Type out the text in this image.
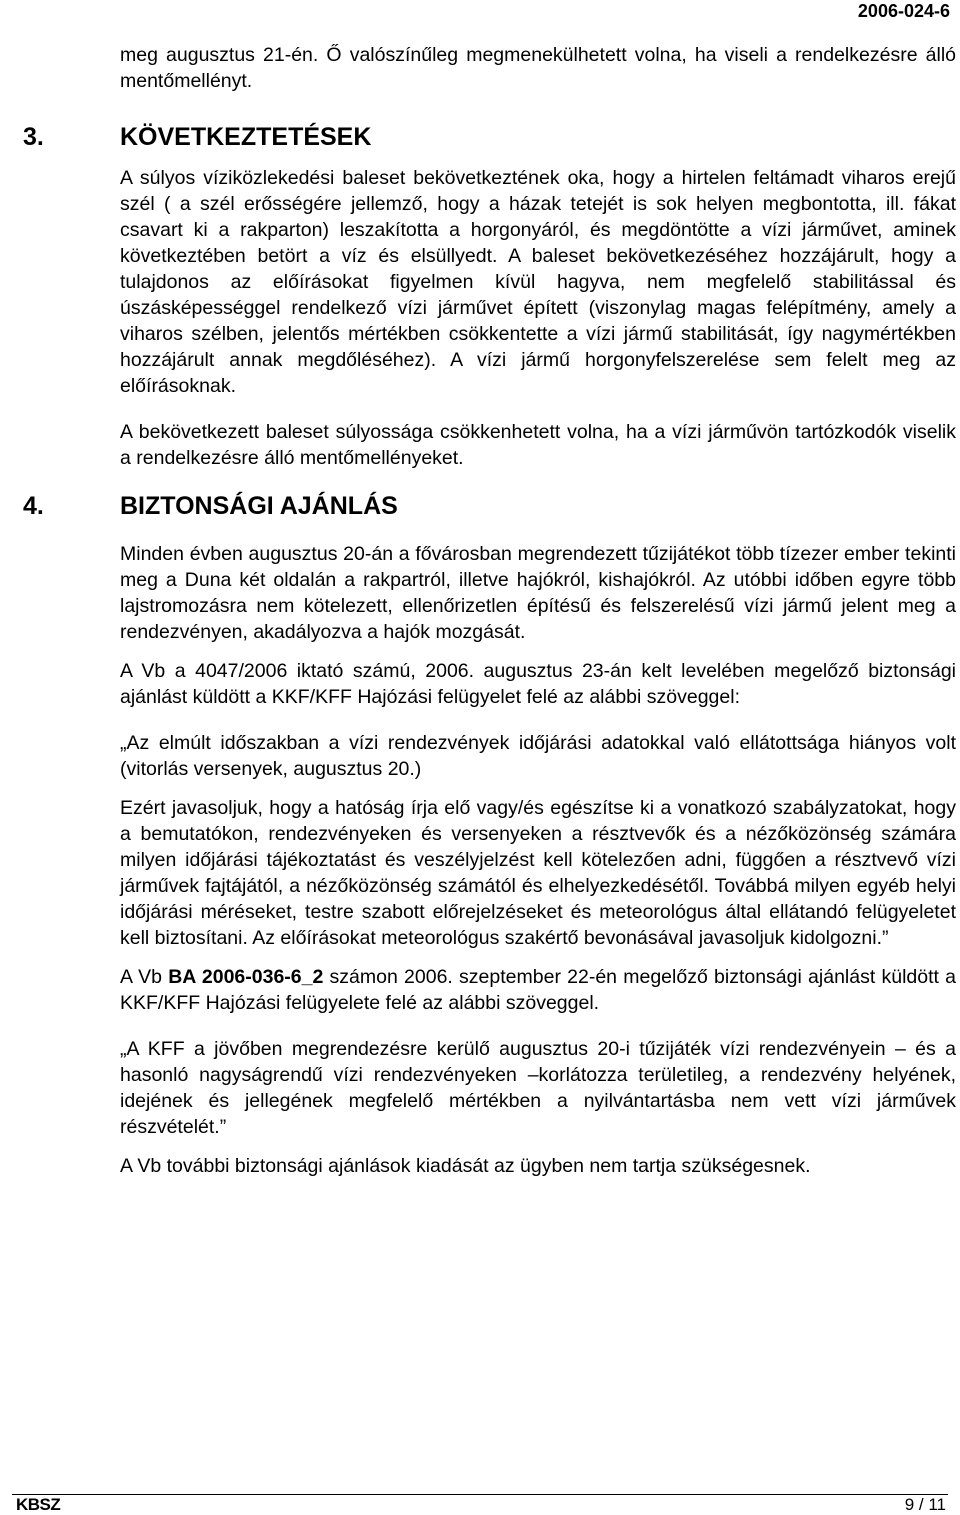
2006-024-6

meg augusztus 21-én. Ő valószínűleg megmenekülhetett volna, ha viseli a rendelkezésre álló mentőmellényt.

3.	KÖVETKEZTETÉSEK

A súlyos víziközlekedési baleset bekövetkeztének oka, hogy a hirtelen feltámadt viharos erejű szél ( a szél erősségére jellemző, hogy a házak tetejét is sok helyen megbontotta, ill. fákat csavart ki a rakparton) leszakította a horgonyáról, és megdöntötte a vízi járművet, aminek következtében betört a víz és elsüllyedt. A baleset bekövetkezéséhez hozzájárult, hogy a tulajdonos az előírásokat figyelmen kívül hagyva, nem megfelelő stabilitással és úszásképességgel rendelkező vízi járművet épített (viszonylag magas felépítmény, amely a viharos szélben, jelentős mértékben csökkentette a vízi jármű stabilitását, így nagymértékben hozzájárult annak megdőléséhez). A vízi jármű horgonyfelszerelése sem felelt meg az előírásoknak.

A bekövetkezett baleset súlyossága csökkenhetett volna, ha a vízi járművön tartózkodók viselik a rendelkezésre álló mentőmellényeket.

4.	BIZTONSÁGI AJÁNLÁS

Minden évben augusztus 20-án a fővárosban megrendezett tűzijátékot több tízezer ember tekinti meg a Duna két oldalán a rakpartról, illetve hajókról, kishajókról. Az utóbbi időben egyre több lajstromozásra nem kötelezett, ellenőrizetlen építésű és felszerelésű vízi jármű jelent meg a rendezvényen, akadályozva a hajók mozgását.

A Vb a 4047/2006 iktató számú, 2006. augusztus 23-án kelt levelében megelőző biztonsági ajánlást küldött a KKF/KFF Hajózási felügyelet felé az alábbi szöveggel:

„Az elmúlt időszakban a vízi rendezvények időjárási adatokkal való ellátottsága hiányos volt (vitorlás versenyek, augusztus 20.)

Ezért javasoljuk, hogy a hatóság írja elő vagy/és egészítse ki a vonatkozó szabályzatokat, hogy a bemutatókon, rendezvényeken és versenyeken a résztvevők és a nézőközönség számára milyen időjárási tájékoztatást és veszélyjelzést kell kötelezően adni, függően a résztvevő vízi járművek fajtájától, a nézőközönség számától és elhelyezkedésétől. Továbbá milyen egyéb helyi időjárási méréseket, testre szabott előrejelzéseket és meteorológus által ellátandó felügyeletet kell biztosítani. Az előírásokat meteorológus szakértő bevonásával javasoljuk kidolgozni.”

A Vb BA 2006-036-6_2 számon 2006. szeptember 22-én megelőző biztonsági ajánlást küldött a KKF/KFF Hajózási felügyelete felé az alábbi szöveggel.

„A KFF a jövőben megrendezésre kerülő augusztus 20-i tűzijáték vízi rendezvényein – és a hasonló nagyságrendű vízi rendezvényeken –korlátozza területileg, a rendezvény helyének, idejének és jellegének megfelelő mértékben a nyilvántartásba nem vett vízi járművek részvételét.”

A Vb további biztonsági ajánlások kiadását az ügyben nem tartja szükségesnek.

KBSZ	9 / 11
